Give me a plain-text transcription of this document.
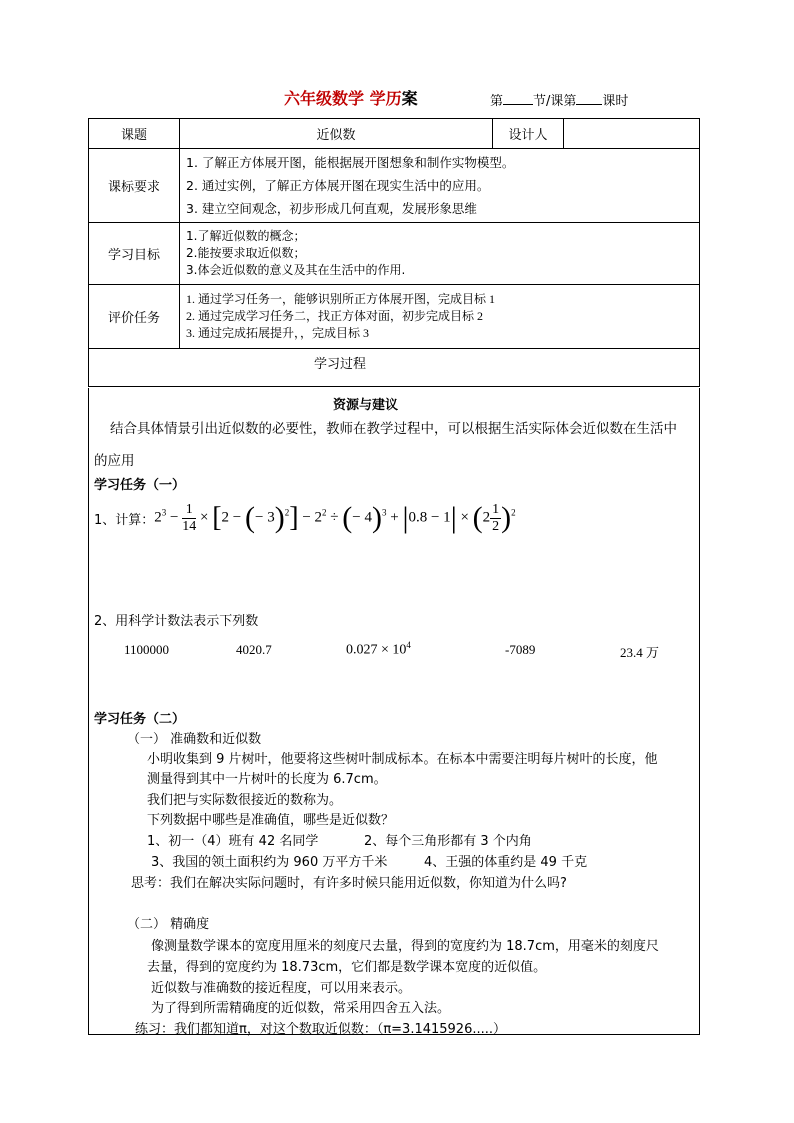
六年级数学 学历案	第 节/课第 课时
课题	近似数	设计人	
课标要求	1. 了解正方体展开图，能根据展开图想象和制作实物模型。
2. 通过实例，了解正方体展开图在现实生活中的应用。
3. 建立空间观念，初步形成几何直观，发展形象思维		

学习目标	1.了解近似数的概念；
2.能按要求取近似数；
3.体会近似数的意义及其在生活中的作用.		

评价任务	1. 通过学习任务一，能够识别所正方体展开图，完成目标 1
2. 通过完成学习任务二，找正方体对面，初步完成目标 2
3. 通过完成拓展提升，，完成目标 3		

学习过程			
资源与建议
结合具体情景引出近似数的必要性，教师在教学过程中，可以根据生活实际体会近似数在生活中
的应用
学习任务（一）
1、计算： $2^3 - \frac{1}{14} \times [2$ − (− $3)^2] - 2^2$ ÷ (− $4)^3 + |0.8 - 1| \times (2 \frac{1}{2} )^2$
2、用科学计数法表示下列数
1100000	4020.7	$0.027 \times 10^4$	-7089	23.4 万
学习任务（二）
（一） 准确数和近似数
小明收集到 9 片树叶，他要将这些树叶制成标本。在标本中需要注明每片树叶的长度，他
测量得到其中一片树叶的长度为 6.7cm。
我们把与实际数很接近的数称为。
下列数据中哪些是准确值，哪些是近似数？
1、初一（4）班有 42 名同学	2、每个三角形都有 3 个内角
3、我国的领土面积约为 960 万平方千米	4、王强的体重约是 49 千克
思考：我们在解决实际问题时，有许多时候只能用近似数，你知道为什么吗?
（二） 精确度
像测量数学课本的宽度用厘米的刻度尺去量，得到的宽度约为 18.7cm，用毫米的刻度尺
去量，得到的宽度约为 18.73cm，它们都是数学课本宽度的近似值。
近似数与准确数的接近程度，可以用来表示。
为了得到所需精确度的近似数，常采用四舍五入法。
练习：我们都知道π，对这个数取近似数：（π=3.1415926.....）
